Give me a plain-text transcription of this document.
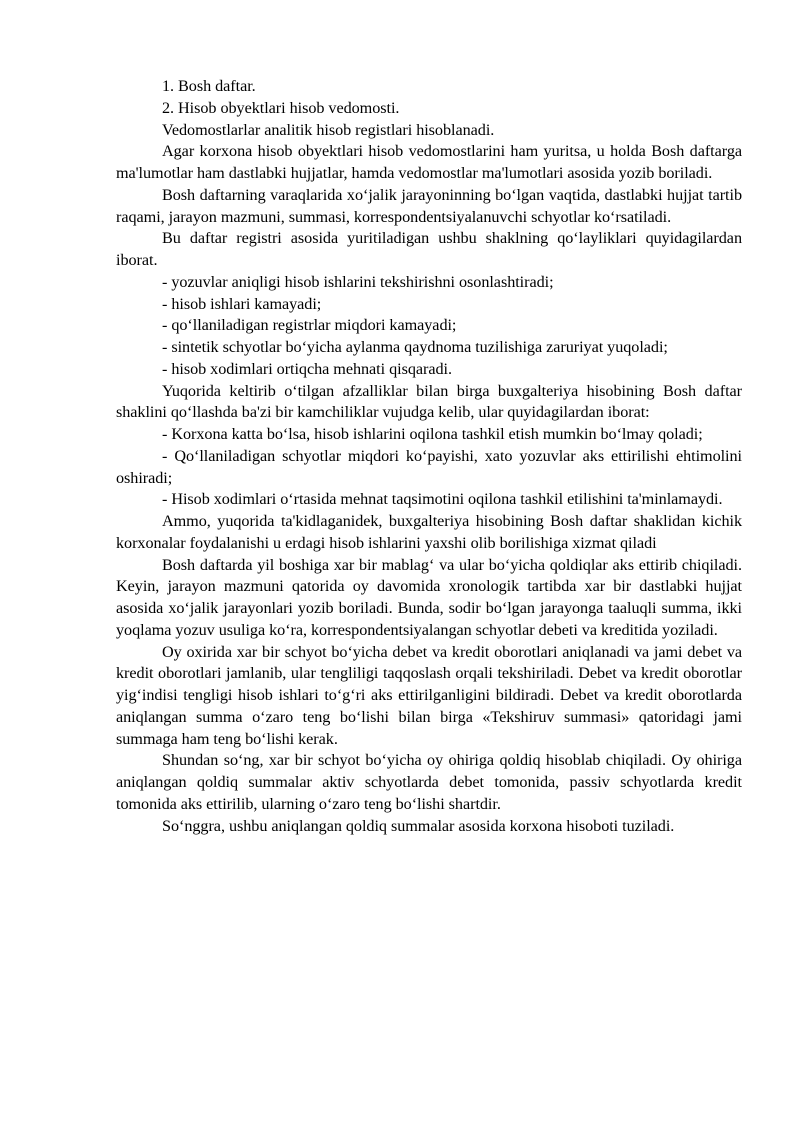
1. Bosh daftar.

2. Hisob obyektlari hisob vedomosti.

Vedomostlarlar analitik hisob registlari hisoblanadi.

Agar korxona hisob obyektlari hisob vedomostlarini ham yuritsa, u holda Bosh daftarga ma'lumotlar ham dastlabki hujjatlar, hamda vedomostlar ma'lumotlari asosida yozib boriladi.

Bosh daftarning varaqlarida xo‘jalik jarayoninning bo‘lgan vaqtida, dastlabki hujjat tartib raqami, jarayon mazmuni, summasi, korrespondentsiyalanuvchi schyotlar ko‘rsatiladi.

Bu daftar registri asosida yuritiladigan ushbu shaklning qo‘layliklari quyidagilardan iborat.

- yozuvlar aniqligi hisob ishlarini tekshirishni osonlashtiradi;

- hisob ishlari kamayadi;

- qo‘llaniladigan registrlar miqdori kamayadi;

- sintetik schyotlar bo‘yicha aylanma qaydnoma tuzilishiga zaruriyat yuqoladi;

- hisob xodimlari ortiqcha mehnati qisqaradi.

Yuqorida keltirib o‘tilgan afzalliklar bilan birga buxgalteriya hisobining Bosh daftar shaklini qo‘llashda ba'zi bir kamchiliklar vujudga kelib, ular quyidagilardan iborat:

- Korxona katta bo‘lsa, hisob ishlarini oqilona tashkil etish mumkin bo‘lmay qoladi;

- Qo‘llaniladigan schyotlar miqdori ko‘payishi, xato yozuvlar aks ettirilishi ehtimolini oshiradi;

- Hisob xodimlari o‘rtasida mehnat taqsimotini oqilona tashkil etilishini ta'minlamaydi.

Ammo, yuqorida ta'kidlaganidek, buxgalteriya hisobining Bosh daftar shaklidan kichik korxonalar foydalanishi u erdagi hisob ishlarini yaxshi olib borilishiga xizmat qiladi

Bosh daftarda yil boshiga xar bir mablag‘ va ular bo‘yicha qoldiqlar aks ettirib chiqiladi. Keyin, jarayon mazmuni qatorida oy davomida xronologik tartibda xar bir dastlabki hujjat asosida xo‘jalik jarayonlari yozib boriladi. Bunda, sodir bo‘lgan jarayonga taaluqli summa, ikki yoqlama yozuv usuliga ko‘ra, korrespondentsiyalangan schyotlar debeti va kreditida yoziladi.

Oy oxirida xar bir schyot bo‘yicha debet va kredit oborotlari aniqlanadi va jami debet va kredit oborotlari jamlanib, ular tengliligi taqqoslash orqali tekshiriladi. Debet va kredit oborotlar yig‘indisi tengligi hisob ishlari to‘g‘ri aks ettirilganligini bildiradi. Debet va kredit oborotlarda aniqlangan summa o‘zaro teng bo‘lishi bilan birga «Tekshiruv summasi» qatoridagi jami summaga ham teng bo‘lishi kerak.

Shundan so‘ng, xar bir schyot bo‘yicha oy ohiriga qoldiq hisoblab chiqiladi. Oy ohiriga aniqlangan qoldiq summalar aktiv schyotlarda debet tomonida, passiv schyotlarda kredit tomonida aks ettirilib, ularning o‘zaro teng bo‘lishi shartdir.

So‘nggra, ushbu aniqlangan qoldiq summalar asosida korxona hisoboti tuziladi.
